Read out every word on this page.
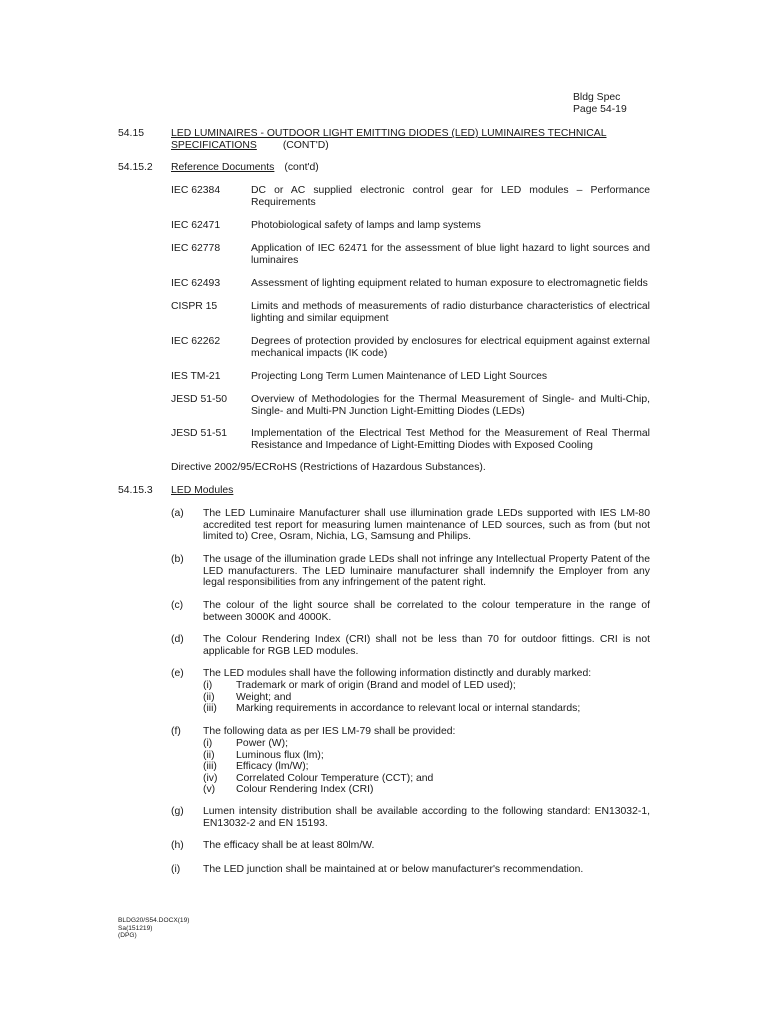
Bldg Spec
Page 54-19
54.15	LED LUMINAIRES - OUTDOOR LIGHT EMITTING DIODES (LED) LUMINAIRES TECHNICAL
SPECIFICATIONS	(CONT'D)
54.15.2 Reference Documents (cont'd)
IEC 62384	DC or AC supplied electronic control gear for LED modules – Performance Requirements
IEC 62471	Photobiological safety of lamps and lamp systems
IEC 62778	Application of IEC 62471 for the assessment of blue light hazard to light sources and luminaires
IEC 62493	Assessment of lighting equipment related to human exposure to electromagnetic fields
CISPR 15	Limits and methods of measurements of radio disturbance characteristics of electrical lighting and similar equipment
IEC 62262	Degrees of protection provided by enclosures for electrical equipment against external mechanical impacts (IK code)
IES TM-21	Projecting Long Term Lumen Maintenance of LED Light Sources
JESD 51-50 Overview of Methodologies for the Thermal Measurement of Single- and Multi-Chip, Single- and Multi-PN Junction Light-Emitting Diodes (LEDs)
JESD 51-51 Implementation of the Electrical Test Method for the Measurement of Real Thermal Resistance and Impedance of Light-Emitting Diodes with Exposed Cooling
Directive 2002/95/ECRoHS (Restrictions of Hazardous Substances).
54.15.3 LED Modules
(a) The LED Luminaire Manufacturer shall use illumination grade LEDs supported with IES LM-80 accredited test report for measuring lumen maintenance of LED sources, such as from (but not limited to) Cree, Osram, Nichia, LG, Samsung and Philips.
(b) The usage of the illumination grade LEDs shall not infringe any Intellectual Property Patent of the LED manufacturers. The LED luminaire manufacturer shall indemnify the Employer from any legal responsibilities from any infringement of the patent right.
(c) The colour of the light source shall be correlated to the colour temperature in the range of between 3000K and 4000K.
(d) The Colour Rendering Index (CRI) shall not be less than 70 for outdoor fittings. CRI is not applicable for RGB LED modules.
(e) The LED modules shall have the following information distinctly and durably marked:
(i)	Trademark or mark of origin (Brand and model of LED used);
(ii)	Weight; and
(iii)	Marking requirements in accordance to relevant local or internal standards;
(f) The following data as per IES LM-79 shall be provided:
(i)	Power (W);
(ii)	Luminous flux (lm);
(iii)	Efficacy (lm/W);
(iv)	Correlated Colour Temperature (CCT); and
(v)	Colour Rendering Index (CRI)
(g) Lumen intensity distribution shall be available according to the following standard: EN13032-1, EN13032-2 and EN 15193.
(h) The efficacy shall be at least 80lm/W.
(i) The LED junction shall be maintained at or below manufacturer's recommendation.
BLDG20/S54.DOCX(19)
Sa(151219)
(DPG)
